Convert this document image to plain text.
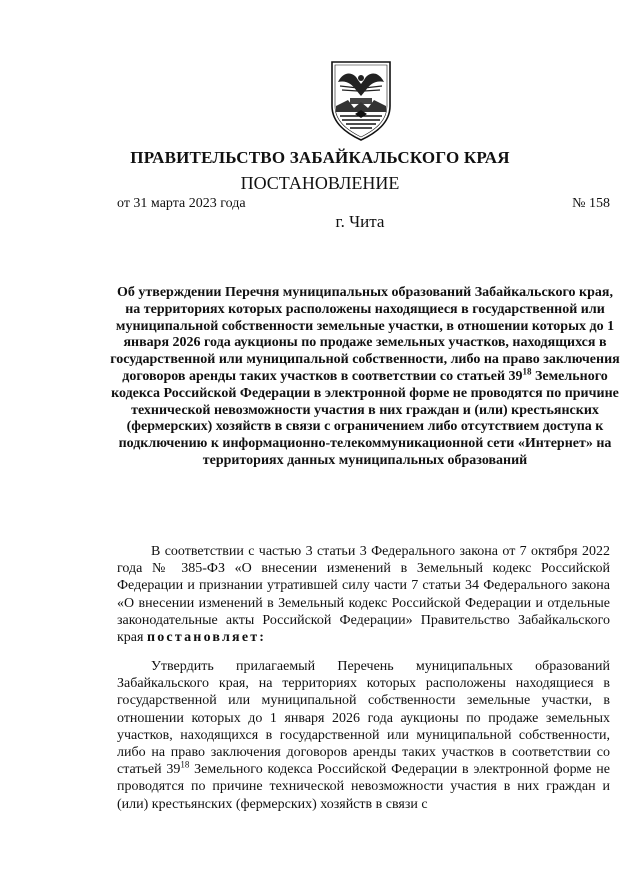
ПРАВИТЕЛЬСТВО ЗАБАЙКАЛЬСКОГО КРАЯ
ПОСТАНОВЛЕНИЕ
от 31 марта 2023 года	№ 158
г. Чита
Об утверждении Перечня муниципальных образований Забайкальского края, на территориях которых расположены находящиеся в государственной или муниципальной собственности земельные участки, в отношении которых до 1 января 2026 года аукционы по продаже земельных участков, находящихся в государственной или муниципальной собственности, либо на право заключения договоров аренды таких участков в соответствии со статьей $39^{18}$ Земельного кодекса Российской Федерации в электронной форме не проводятся по причине технической невозможности участия в них граждан и (или) крестьянских (фермерских) хозяйств в связи с ограничением либо отсутствием доступа к подключению к информационно-телекоммуникационной сети «Интернет» на территориях данных муниципальных образований
В соответствии с частью 3 статьи 3 Федерального закона от 7 октября 2022 года № 385-ФЗ «О внесении изменений в Земельный кодекс Российской Федерации и признании утратившей силу части 7 статьи 34 Федерального закона «О внесении изменений в Земельный кодекс Российской Федерации и отдельные законодательные акты Российской Федерации» Правительство Забайкальского края постановляет:
Утвердить прилагаемый Перечень муниципальных образований Забайкальского края, на территориях которых расположены находящиеся в государственной или муниципальной собственности земельные участки, в отношении которых до 1 января 2026 года аукционы по продаже земельных участков, находящихся в государственной или муниципальной собственности, либо на право заключения договоров аренды таких участков в соответствии со статьей $39^{18}$ Земельного кодекса Российской Федерации в электронной форме не проводятся по причине технической невозможности участия в них граждан и (или) крестьянских (фермерских) хозяйств в связи с
